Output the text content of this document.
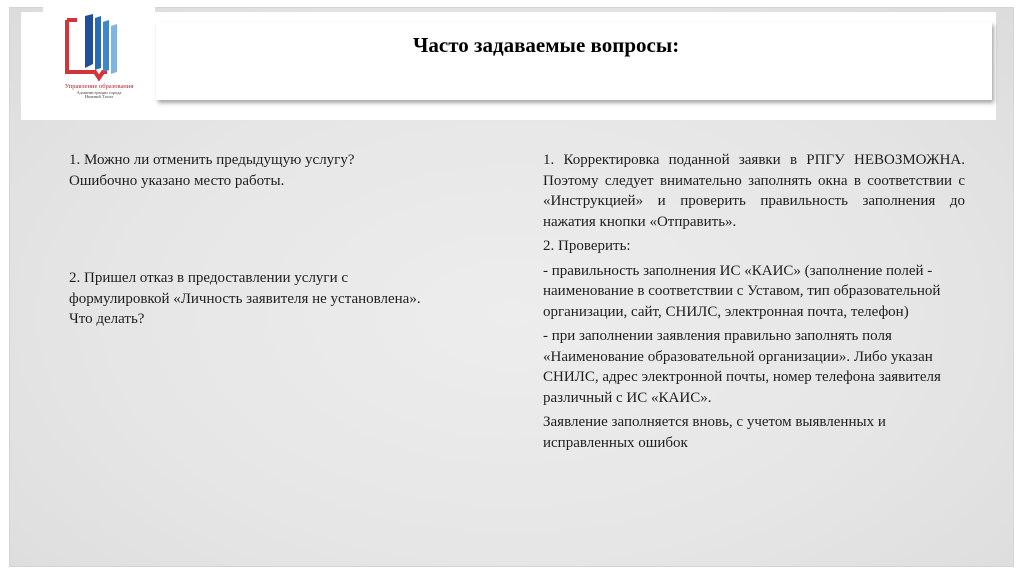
Управление образования
Администрации города
Нижний Тагил
Часто задаваемые вопросы:

1. Можно ли отменить предыдущую услугу? Ошибочно указано место работы.

2. Пришел отказ в предоставлении услуги с формулировкой «Личность заявителя не установлена». Что делать?

1. Корректировка поданной заявки в РПГУ НЕВОЗМОЖНА. Поэтому следует внимательно заполнять окна в соответствии с «Инструкцией» и проверить правильность заполнения до нажатия кнопки «Отправить».

2. Проверить:

- правильность заполнения ИС «КАИС» (заполнение полей - наименование в соответствии с Уставом, тип образовательной организации, сайт, СНИЛС, электронная почта, телефон)

- при заполнении заявления правильно заполнять поля «Наименование образовательной организации». Либо указан СНИЛС, адрес электронной почты, номер телефона заявителя различный с ИС «КАИС».

Заявление заполняется вновь, с учетом выявленных и исправленных ошибок
